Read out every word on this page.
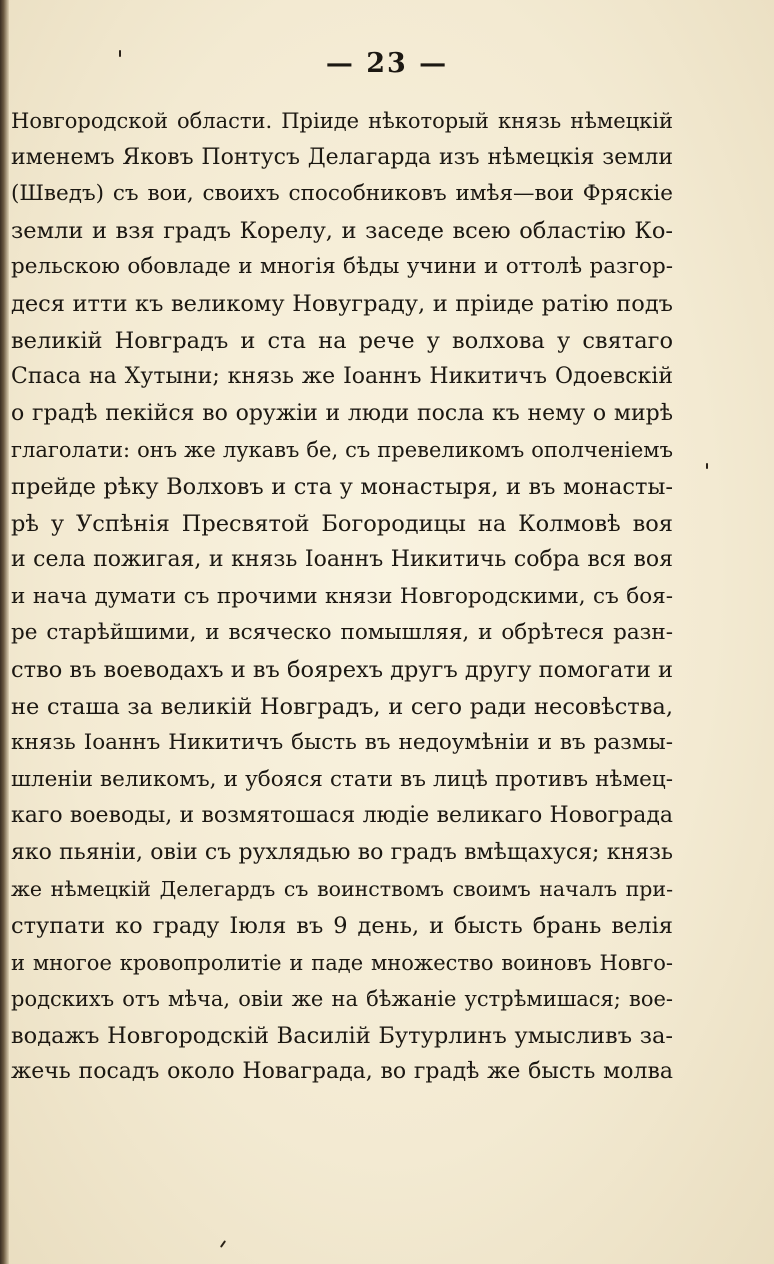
— 23 —
Новгородской области. Пріиде нѣкоторый князь нѣмецкій
именемъ Яковъ Понтусъ Делагарда изъ нѣмецкія земли
(Шведъ) съ вои, своихъ способниковъ имѣя—вои Фряскіе
земли и взя градъ Корелу, и заседе всею областію Ко-
рельскою обовладе и многія бѣды учини и оттолѣ разгор-
деся итти къ великому Новуграду, и пріиде ратію подъ
великій Новградъ и ста на рече у волхова у святаго
Спаса на Хутыни; князь же Іоаннъ Никитичъ Одоевскій
о градѣ пекійся во оружіи и люди посла къ нему о мирѣ
глаголати: онъ же лукавъ бе, съ превеликомъ ополченіемъ
прейде рѣку Волховъ и ста у монастыря, и въ монасты-
рѣ у Успѣнія Пресвятой Богородицы на Колмовѣ воя
и села пожигая, и князь Іоаннъ Никитичь собра вся воя
и нача думати съ прочими князи Новгородскими, съ боя-
ре старѣйшими, и всяческо помышляя, и обрѣтеся разн-
ство въ воеводахъ и въ боярехъ другъ другу помогати и
не сташа за великій Новградъ, и сего ради несовѣства,
князь Іоаннъ Никитичъ бысть въ недоумѣніи и въ размы-
шленіи великомъ, и убояся стати въ лицѣ противъ нѣмец-
каго воеводы, и возмятошася людіе великаго Новограда
яко пьяніи, овіи съ рухлядью во градъ вмѣщахуся; князь
же нѣмецкій Делегардъ съ воинствомъ своимъ началъ при-
ступати ко граду Іюля въ 9 день, и бысть брань велія
и многое кровопролитіе и паде множество воиновъ Новго-
родскихъ отъ мѣча, овіи же на бѣжаніе устрѣмишася; вое-
водажъ Новгородскій Василій Бутурлинъ умысливъ за-
жечь посадъ около Новаграда, во градѣ же бысть молва
